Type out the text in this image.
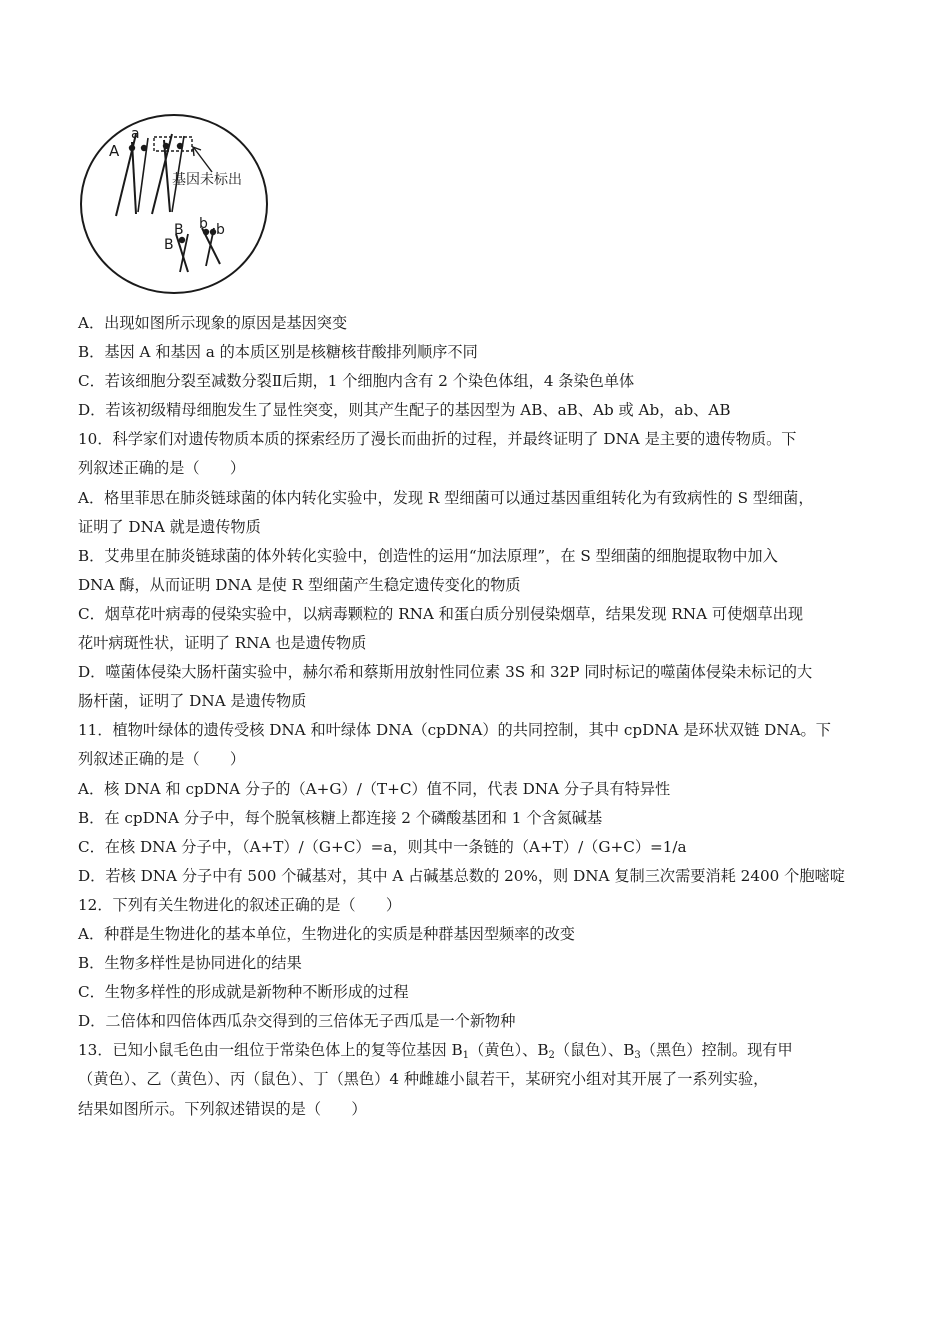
A
a
基因未标出
B
B
b b
A．出现如图所示现象的原因是基因突变
B．基因 A 和基因 a 的本质区别是核糖核苷酸排列顺序不同
C．若该细胞分裂至减数分裂Ⅱ后期，1 个细胞内含有 2 个染色体组，4 条染色单体
D．若该初级精母细胞发生了显性突变，则其产生配子的基因型为 AB、aB、Ab 或 Ab，ab、AB
10．科学家们对遗传物质本质的探索经历了漫长而曲折的过程，并最终证明了 DNA 是主要的遗传物质。下
列叙述正确的是（　　）
A．格里菲思在肺炎链球菌的体内转化实验中，发现 R 型细菌可以通过基因重组转化为有致病性的 S 型细菌，
证明了 DNA 就是遗传物质
B．艾弗里在肺炎链球菌的体外转化实验中，创造性的运用“加法原理”，在 S 型细菌的细胞提取物中加入
DNA 酶，从而证明 DNA 是使 R 型细菌产生稳定遗传变化的物质
C．烟草花叶病毒的侵染实验中，以病毒颗粒的 RNA 和蛋白质分别侵染烟草，结果发现 RNA 可使烟草出现
花叶病斑性状，证明了 RNA 也是遗传物质
D．噬菌体侵染大肠杆菌实验中，赫尔希和蔡斯用放射性同位素 3S 和 32P 同时标记的噬菌体侵染未标记的大
肠杆菌，证明了 DNA 是遗传物质
11．植物叶绿体的遗传受核 DNA 和叶绿体 DNA（cpDNA）的共同控制，其中 cpDNA 是环状双链 DNA。下
列叙述正确的是（　　）
A．核 DNA 和 cpDNA 分子的（A+G）/（T+C）值不同，代表 DNA 分子具有特异性
B．在 cpDNA 分子中，每个脱氧核糖上都连接 2 个磷酸基团和 1 个含氮碱基
C．在核 DNA 分子中，（A+T）/（G+C）=a，则其中一条链的（A+T）/（G+C）=1/a
D．若核 DNA 分子中有 500 个碱基对，其中 A 占碱基总数的 20%，则 DNA 复制三次需要消耗 2400 个胞嘧啶
12．下列有关生物进化的叙述正确的是（　　）
A．种群是生物进化的基本单位，生物进化的实质是种群基因型频率的改变
B．生物多样性是协同进化的结果
C．生物多样性的形成就是新物种不断形成的过程
D．二倍体和四倍体西瓜杂交得到的三倍体无子西瓜是一个新物种
13．已知小鼠毛色由一组位于常染色体上的复等位基因 $B_1$（黄色）、$B_2$（鼠色）、$B_3$（黑色）控制。现有甲
（黄色）、乙（黄色）、丙（鼠色）、丁（黑色）4 种雌雄小鼠若干，某研究小组对其开展了一系列实验，
结果如图所示。下列叙述错误的是（　　）
